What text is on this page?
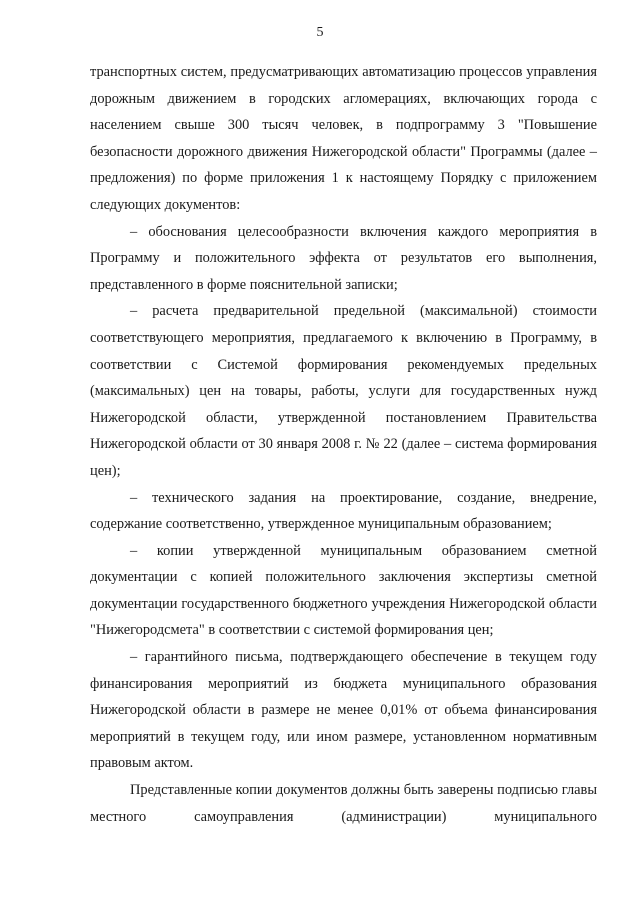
5

транспортных систем, предусматривающих автоматизацию процессов управления дорожным движением в городских агломерациях, включающих города с населением свыше 300 тысяч человек, в подпрограмму 3 "Повышение безопасности дорожного движения Нижегородской области" Программы (далее – предложения) по форме приложения 1 к настоящему Порядку с приложением следующих документов:

– обоснования целесообразности включения каждого мероприятия в Программу и положительного эффекта от результатов его выполнения, представленного в форме пояснительной записки;

– расчета предварительной предельной (максимальной) стоимости соответствующего мероприятия, предлагаемого к включению в Программу, в соответствии с Системой формирования рекомендуемых предельных (максимальных) цен на товары, работы, услуги для государственных нужд Нижегородской области, утвержденной постановлением Правительства Нижегородской области от 30 января 2008 г. № 22 (далее – система формирования цен);

– технического задания на проектирование, создание, внедрение, содержание соответственно, утвержденное муниципальным образованием;

– копии утвержденной муниципальным образованием сметной документации с копией положительного заключения экспертизы сметной документации государственного бюджетного учреждения Нижегородской области "Нижегородсмета" в соответствии с системой формирования цен;

– гарантийного письма, подтверждающего обеспечение в текущем году финансирования мероприятий из бюджета муниципального образования Нижегородской области в размере не менее 0,01% от объема финансирования мероприятий в текущем году, или ином размере, установленном нормативным правовым актом.

Представленные копии документов должны быть заверены подписью главы местного самоуправления (администрации) муниципального
